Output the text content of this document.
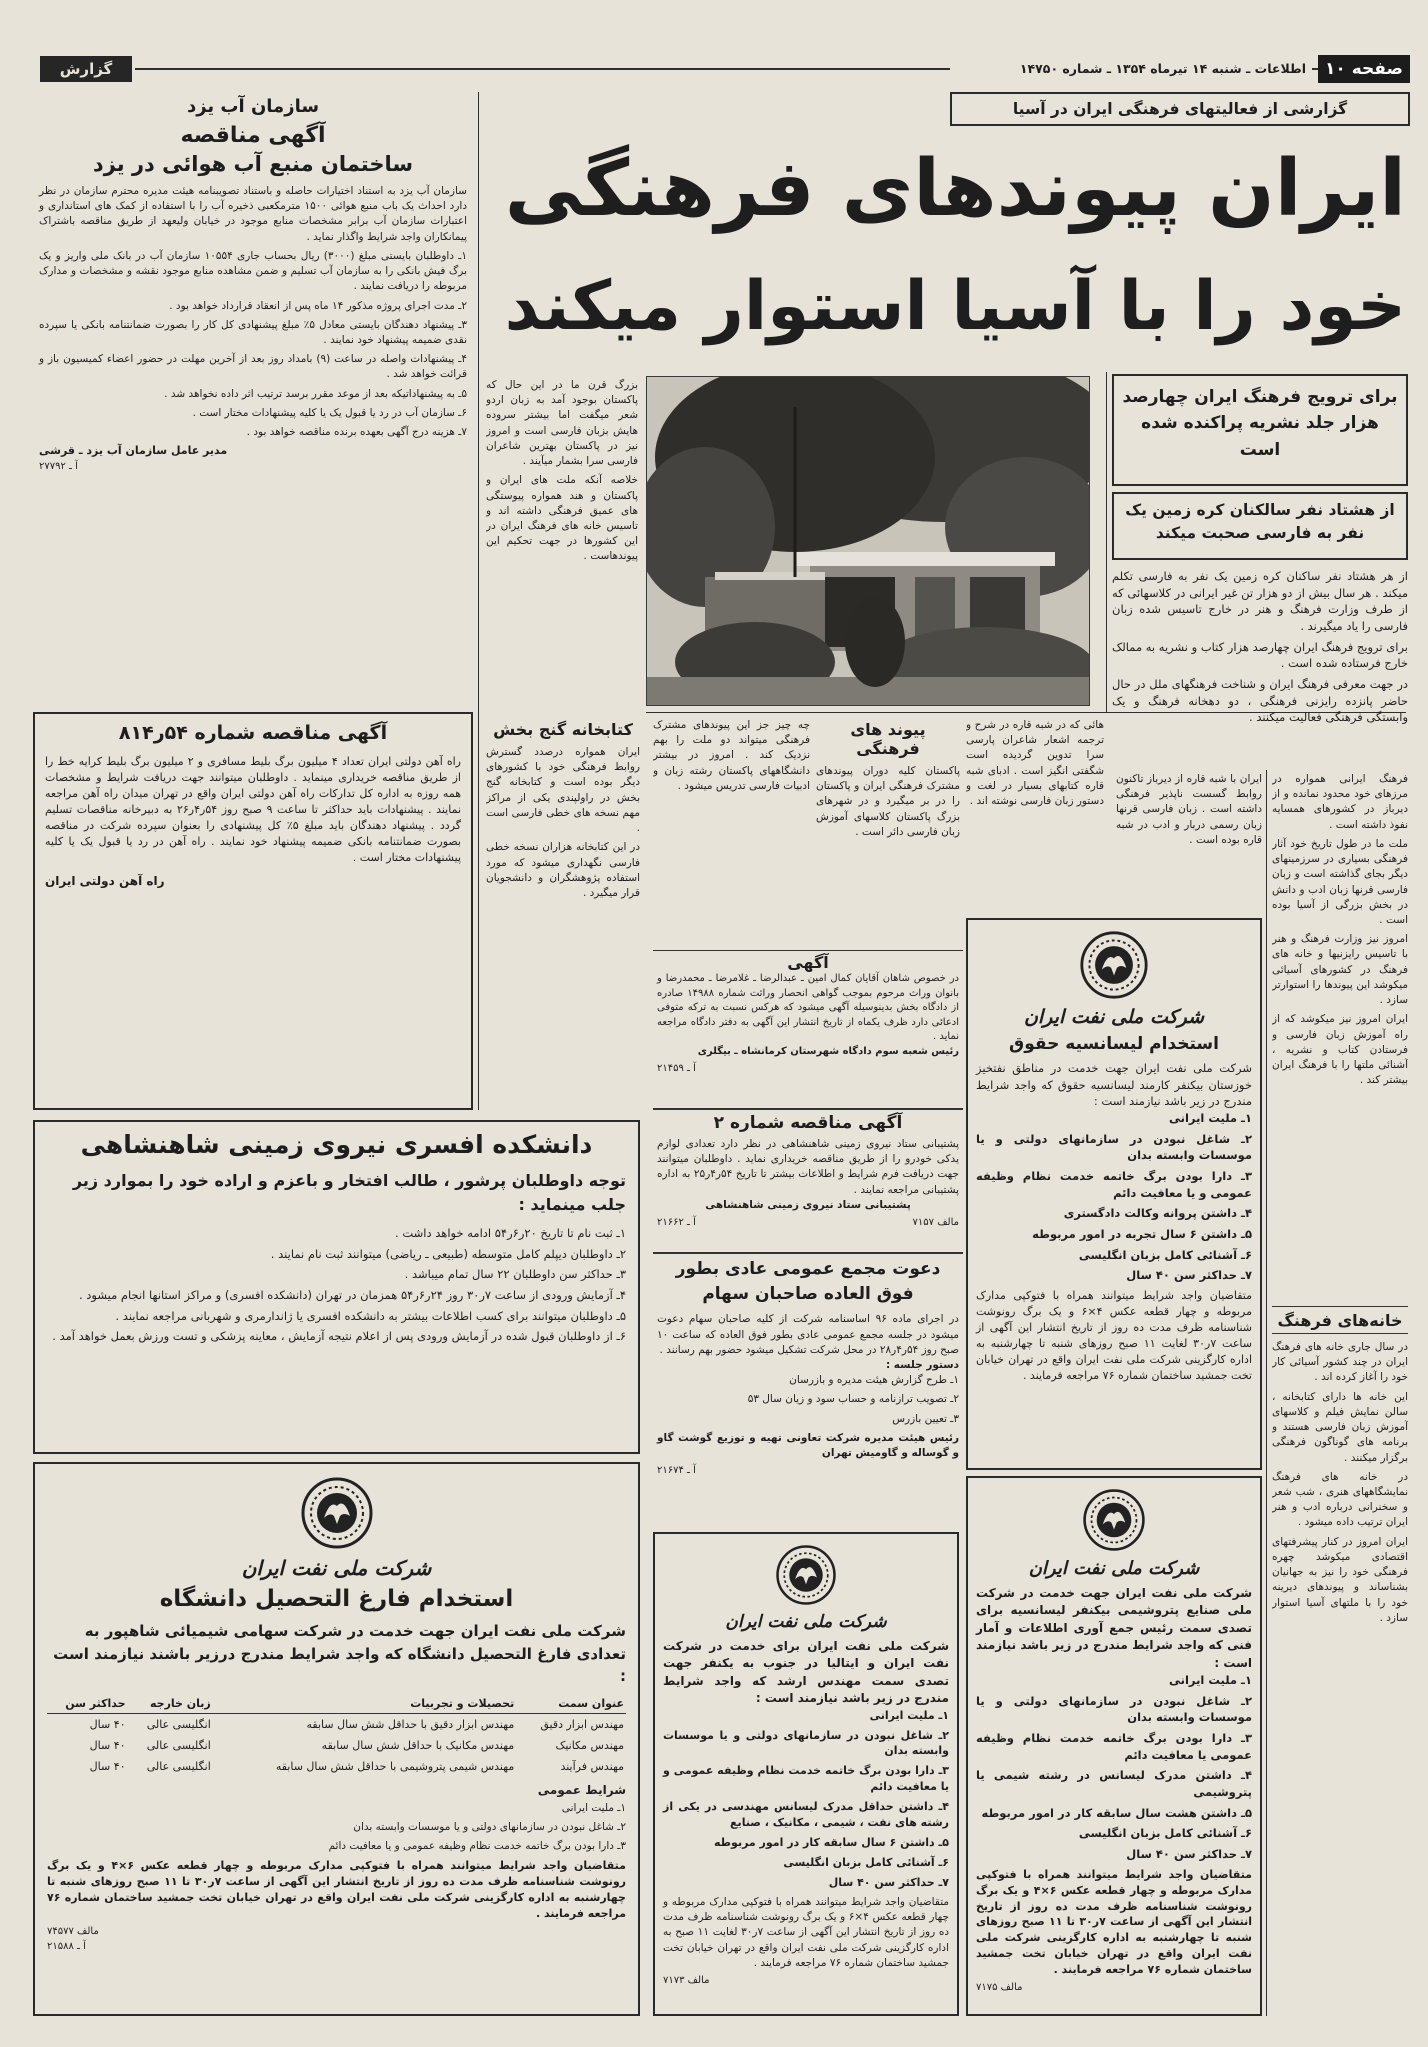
گزارش	اطلاعات ـ شنبه ۱۴ تیرماه ۱۳۵۴ ـ شماره ۱۴۷۵۰	صفحه ۱۰
گزارشی از فعالیتهای فرهنگی ایران در آسیا
ایران پیوندهای فرهنگی
خود را با آسیا استوار میکند

بزرگ قرن ما در این حال که پاکستان بوجود آمد به زبان اردو شعر میگفت اما بیشتر سروده هایش بزبان فارسی است و امروز نیز در پاکستان بهترین شاعران فارسی سرا بشمار میآیند .

خلاصه آنکه ملت های ایران و پاکستان و هند همواره پیوستگی های عمیق فرهنگی داشته اند و تاسیس خانه های فرهنگ ایران در این کشورها در جهت تحکیم این پیوندهاست .

برای ترویج فرهنگ ایران چهارصد هزار جلد نشریه پراکنده شده است
از هشتاد نفر سالکنان کره زمین یک نفر به فارسی صحبت میکند

از هر هشتاد نفر ساکنان کره زمین یک نفر به فارسی تکلم میکند . هر سال بیش از دو هزار تن غیر ایرانی در کلاسهائی که از طرف وزارت فرهنگ و هنر در خارج تاسیس شده زبان فارسی را یاد میگیرند .

برای ترویج فرهنگ ایران چهارصد هزار کتاب و نشریه به ممالک خارج فرستاده شده است .

در جهت معرفی فرهنگ ایران و شناخت فرهنگهای ملل در حال حاضر پانزده رایزنی فرهنگی ، دو دهخانه فرهنگ و یک وابستگی فرهنگی فعالیت میکنند .

فرهنگ ایرانی همواره در مرزهای خود محدود نمانده و از دیرباز در کشورهای همسایه نفوذ داشته است .

ملت ما در طول تاریخ خود آثار فرهنگی بسیاری در سرزمینهای دیگر بجای گذاشته است و زبان فارسی قرنها زبان ادب و دانش در بخش بزرگی از آسیا بوده است .

امروز نیز وزارت فرهنگ و هنر با تاسیس رایزنیها و خانه های فرهنگ در کشورهای آسیائی میکوشد این پیوندها را استوارتر سازد .

ایران امروز نیز میکوشد که از راه آموزش زبان فارسی و فرستادن کتاب و نشریه ، آشنائی ملتها را با فرهنگ ایران بیشتر کند .

ایران با شبه قاره از دیرباز تاکنون روابط گسست ناپذیر فرهنگی داشته است . زبان فارسی قرنها زبان رسمی دربار و ادب در شبه قاره بوده است .
هائی که در شبه قاره در شرح و ترجمه اشعار شاعران پارسی سرا تدوین گردیده است شگفتی انگیز است . ادبای شبه قاره کتابهای بسیار در لغت و دستور زبان فارسی نوشته اند .
پیوند های فرهنگی
پاکستان کلیه دوران پیوندهای مشترک فرهنگی ایران و پاکستان را در بر میگیرد و در شهرهای بزرگ پاکستان کلاسهای آموزش زبان فارسی دائر است .
چه چیز جز این پیوندهای مشترک فرهنگی میتواند دو ملت را بهم نزدیک کند . امروز در بیشتر دانشگاههای پاکستان رشته زبان و ادبیات فارسی تدریس میشود .
کتابخانه گنج بخش

ایران همواره درصدد گسترش روابط فرهنگی خود با کشورهای دیگر بوده است و کتابخانه گنج بخش در راولپندی یکی از مراکز مهم نسخه های خطی فارسی است .

در این کتابخانه هزاران نسخه خطی فارسی نگهداری میشود که مورد استفاده پژوهشگران و دانشجویان قرار میگیرد .

خانه‌های فرهنگ

در سال جاری خانه های فرهنگ ایران در چند کشور آسیائی کار خود را آغاز کرده اند .

این خانه ها دارای کتابخانه ، سالن نمایش فیلم و کلاسهای آموزش زبان فارسی هستند و برنامه های گوناگون فرهنگی برگزار میکنند .

در خانه های فرهنگ نمایشگاههای هنری ، شب شعر و سخنرانی درباره ادب و هنر ایران ترتیب داده میشود .

ایران امروز در کنار پیشرفتهای اقتصادی میکوشد چهره فرهنگی خود را نیز به جهانیان بشناساند و پیوندهای دیرینه خود را با ملتهای آسیا استوار سازد .

سازمان آب یزد
آگهی مناقصه
ساختمان منبع آب هوائی در یزد
سازمان آب یزد به استناد اختیارات حاصله و باستناد تصویبنامه هیئت مدیره محترم سازمان در نظر دارد احداث یک باب منبع هوائی ۱۵۰۰ مترمکعبی ذخیره آب را با استفاده از کمک های استانداری و اعتبارات سازمان آب برابر مشخصات منابع موجود در خیابان ولیعهد از طریق مناقصه باشتراک پیمانکاران واجد شرایط واگذار نماید .

۱ـ داوطلبان بایستی مبلغ (۳۰۰۰) ریال بحساب جاری ۱۰۵۵۴ سازمان آب در بانک ملی واریز و یک برگ فیش بانکی را به سازمان آب تسلیم و ضمن مشاهده منابع موجود نقشه و مشخصات و مدارک مربوطه را دریافت نمایند .

۲ـ مدت اجرای پروژه مذکور ۱۴ ماه پس از انعقاد قرارداد خواهد بود .

۳ـ پیشنهاد دهندگان بایستی معادل ۵٪ مبلغ پیشنهادی کل کار را بصورت ضمانتنامه بانکی یا سپرده نقدی ضمیمه پیشنهاد خود نمایند .

۴ـ پیشنهادات واصله در ساعت (۹) بامداد روز بعد از آخرین مهلت در حضور اعضاء کمیسیون باز و قرائت خواهد شد .

۵ـ به پیشنهاداتیکه بعد از موعد مقرر برسد ترتیب اثر داده نخواهد شد .

۶ـ سازمان آب در رد یا قبول یک یا کلیه پیشنهادات مختار است .

۷ـ هزینه درج آگهی بعهده برنده مناقصه خواهد بود .

مدیر عامل سازمان آب یزد ـ قرشی
آ ـ ۲۷۷۹۲
آگهی مناقصه شماره ۵۴ر۸۱۴
راه آهن دولتی ایران تعداد ۴ میلیون برگ بلیط مسافری و ۲ میلیون برگ بلیط کرایه خط را از طریق مناقصه خریداری مینماید . داوطلبان میتوانند جهت دریافت شرایط و مشخصات همه روزه به اداره کل تدارکات راه آهن دولتی ایران واقع در تهران میدان راه آهن مراجعه نمایند . پیشنهادات باید حداکثر تا ساعت ۹ صبح روز ۵۴ر۴ر۲۶ به دبیرخانه مناقصات تسلیم گردد . پیشنهاد دهندگان باید مبلغ ۵٪ کل پیشنهادی را بعنوان سپرده شرکت در مناقصه بصورت ضمانتنامه بانکی ضمیمه پیشنهاد خود نمایند . راه آهن در رد یا قبول یک یا کلیه پیشنهادات مختار است .
راه آهن دولتی ایران
دانشکده افسری نیروی زمینی شاهنشاهی
توجه داوطلبان پرشور ، طالب افتخار و باعزم و اراده خود را بموارد زیر جلب مینماید :

۱ـ ثبت نام تا تاریخ ۲۰ر۶ر۵۴ ادامه خواهد داشت .

۲ـ داوطلبان دیپلم کامل متوسطه (طبیعی ـ ریاضی) میتوانند ثبت نام نمایند .

۳ـ حداکثر سن داوطلبان ۲۲ سال تمام میباشد .

۴ـ آزمایش ورودی از ساعت ۷ر۳۰ روز ۲۴ر۶ر۵۴ همزمان در تهران (دانشکده افسری) و مراکز استانها انجام میشود .

۵ـ داوطلبان میتوانند برای کسب اطلاعات بیشتر به دانشکده افسری یا ژاندارمری و شهربانی مراجعه نمایند .

۶ـ از داوطلبان قبول شده در آزمایش ورودی پس از اعلام نتیجه آزمایش ، معاینه پزشکی و تست ورزش بعمل خواهد آمد .

شرکت ملی نفت ایران
استخدام فارغ التحصیل دانشگاه
شرکت ملی نفت ایران جهت خدمت در شرکت سهامی شیمیائی شاهپور به تعدادی فارغ التحصیل دانشگاه که واجد شرایط مندرج درزیر باشند نیازمند است :
عنوان سمت	تحصیلات و تجربیات	زبان خارجه	حداکثر سن
مهندس ابزار دقیق	مهندس ابزار دقیق با حداقل شش سال سابقه	انگلیسی عالی	۴۰ سال
مهندس مکانیک	مهندس مکانیک با حداقل شش سال سابقه	انگلیسی عالی	۴۰ سال
مهندس فرآیند	مهندس شیمی پتروشیمی با حداقل شش سال سابقه	انگلیسی عالی	۴۰ سال
شرایط عمومی

۱ـ ملیت ایرانی

۲ـ شاغل نبودن در سازمانهای دولتی و یا موسسات وابسته بدان

۳ـ دارا بودن برگ خاتمه خدمت نظام وظیفه عمومی و یا معافیت دائم

متقاضیان واجد شرایط میتوانند همراه با فتوکپی مدارک مربوطه و چهار قطعه عکس ۶×۴ و یک برگ رونوشت شناسنامه ظرف مدت ده روز از تاریخ انتشار این آگهی از ساعت ۷ر۳۰ تا ۱۱ صبح روزهای شنبه تا چهارشنبه به اداره کارگزینی شرکت ملی نفت ایران واقع در تهران خیابان تخت جمشید ساختمان شماره ۷۶ مراجعه فرمایند .
مالف ۷۴۵۷۷
آ ـ ۲۱۵۸۸
آگهی
در خصوص شاهان آقایان کمال امین ـ عبدالرضا ـ غلامرضا ـ محمدرضا و بانوان وراث مرحوم بموجب گواهی انحصار وراثت شماره ۱۴۹۸۸ صادره از دادگاه بخش بدینوسیله آگهی میشود که هرکس نسبت به ترکه متوفی ادعائی دارد ظرف یکماه از تاریخ انتشار این آگهی به دفتر دادگاه مراجعه نماید .
رئیس شعبه سوم دادگاه شهرستان کرمانشاه ـ بیگلری
آ ـ ۲۱۴۵۹
آگهی مناقصه شماره ۲
پشتیبانی ستاد نیروی زمینی شاهنشاهی در نظر دارد تعدادی لوازم یدکی خودرو را از طریق مناقصه خریداری نماید . داوطلبان میتوانند جهت دریافت فرم شرایط و اطلاعات بیشتر تا تاریخ ۵۴ر۴ر۲۵ به اداره پشتیبانی مراجعه نمایند .
پشتیبانی ستاد نیروی زمینی شاهنشاهی
مالف ۷۱۵۷
آ ـ ۲۱۶۶۲
دعوت مجمع عمومی عادی بطور فوق العاده صاحبان سهام
در اجرای ماده ۹۶ اساسنامه شرکت از کلیه صاحبان سهام دعوت میشود در جلسه مجمع عمومی عادی بطور فوق العاده که ساعت ۱۰ صبح روز ۵۴ر۴ر۲۸ در محل شرکت تشکیل میشود حضور بهم رسانند .
دستور جلسه :

۱ـ طرح گزارش هیئت مدیره و بازرسان

۲ـ تصویب ترازنامه و حساب سود و زیان سال ۵۳

۳ـ تعیین بازرس

رئیس هیئت مدیره شرکت تعاونی تهیه و توزیع گوشت گاو و گوساله و گاومیش تهران
آ ـ ۲۱۶۷۴
شرکت ملی نفت ایران
شرکت ملی نفت ایران برای خدمت در شرکت نفت ایران و ایتالیا در جنوب به یکنفر جهت تصدی سمت مهندس ارشد که واجد شرایط مندرج در زیر باشد نیازمند است :

۱ـ ملیت ایرانی

۲ـ شاغل نبودن در سازمانهای دولتی و یا موسسات وابسته بدان

۳ـ دارا بودن برگ خاتمه خدمت نظام وظیفه عمومی و یا معافیت دائم

۴ـ داشتن حداقل مدرک لیسانس مهندسی در یکی از رشته های نفت ، شیمی ، مکانیک ، صنایع

۵ـ داشتن ۶ سال سابقه کار در امور مربوطه

۶ـ آشنائی کامل بزبان انگلیسی

۷ـ حداکثر سن ۴۰ سال

متقاضیان واجد شرایط میتوانند همراه با فتوکپی مدارک مربوطه و چهار قطعه عکس ۴×۶ و یک برگ رونوشت شناسنامه ظرف مدت ده روز از تاریخ انتشار این آگهی از ساعت ۷ر۳۰ لغایت ۱۱ صبح به اداره کارگزینی شرکت ملی نفت ایران واقع در تهران خیابان تخت جمشید ساختمان شماره ۷۶ مراجعه فرمایند .
مالف ۷۱۷۳
شرکت ملی نفت ایران
استخدام لیسانسیه حقوق
شرکت ملی نفت ایران جهت خدمت در مناطق نفتخیز خوزستان بیکنفر کارمند لیسانسیه حقوق که واجد شرایط مندرج در زیر باشد نیازمند است :

۱ـ ملیت ایرانی

۲ـ شاغل نبودن در سازمانهای دولتی و یا موسسات وابسته بدان

۳ـ دارا بودن برگ خاتمه خدمت نظام وظیفه عمومی و یا معافیت دائم

۴ـ داشتن پروانه وکالت دادگستری

۵ـ داشتن ۶ سال تجربه در امور مربوطه

۶ـ آشنائی کامل بزبان انگلیسی

۷ـ حداکثر سن ۴۰ سال

متقاضیان واجد شرایط میتوانند همراه با فتوکپی مدارک مربوطه و چهار قطعه عکس ۴×۶ و یک برگ رونوشت شناسنامه ظرف مدت ده روز از تاریخ انتشار این آگهی از ساعت ۷ر۳۰ لغایت ۱۱ صبح روزهای شنبه تا چهارشنبه به اداره کارگزینی شرکت ملی نفت ایران واقع در تهران خیابان تخت جمشید ساختمان شماره ۷۶ مراجعه فرمایند .
شرکت ملی نفت ایران
شرکت ملی نفت ایران جهت خدمت در شرکت ملی صنایع پتروشیمی بیکنفر لیسانسیه برای تصدی سمت رئیس جمع آوری اطلاعات و آمار فنی که واجد شرایط مندرج در زیر باشد نیازمند است :

۱ـ ملیت ایرانی

۲ـ شاغل نبودن در سازمانهای دولتی و یا موسسات وابسته بدان

۳ـ دارا بودن برگ خاتمه خدمت نظام وظیفه عمومی یا معافیت دائم

۴ـ داشتن مدرک لیسانس در رشته شیمی یا پتروشیمی

۵ـ داشتن هشت سال سابقه کار در امور مربوطه

۶ـ آشنائی کامل بزبان انگلیسی

۷ـ حداکثر سن ۴۰ سال

متقاضیان واجد شرایط میتوانند همراه با فتوکپی مدارک مربوطه و چهار قطعه عکس ۶×۴ و یک برگ رونوشت شناسنامه ظرف مدت ده روز از تاریخ انتشار این آگهی از ساعت ۷ر۳۰ تا ۱۱ صبح روزهای شنبه تا چهارشنبه به اداره کارگزینی شرکت ملی نفت ایران واقع در تهران خیابان تخت جمشید ساختمان شماره ۷۶ مراجعه فرمایند .
مالف ۷۱۷۵
